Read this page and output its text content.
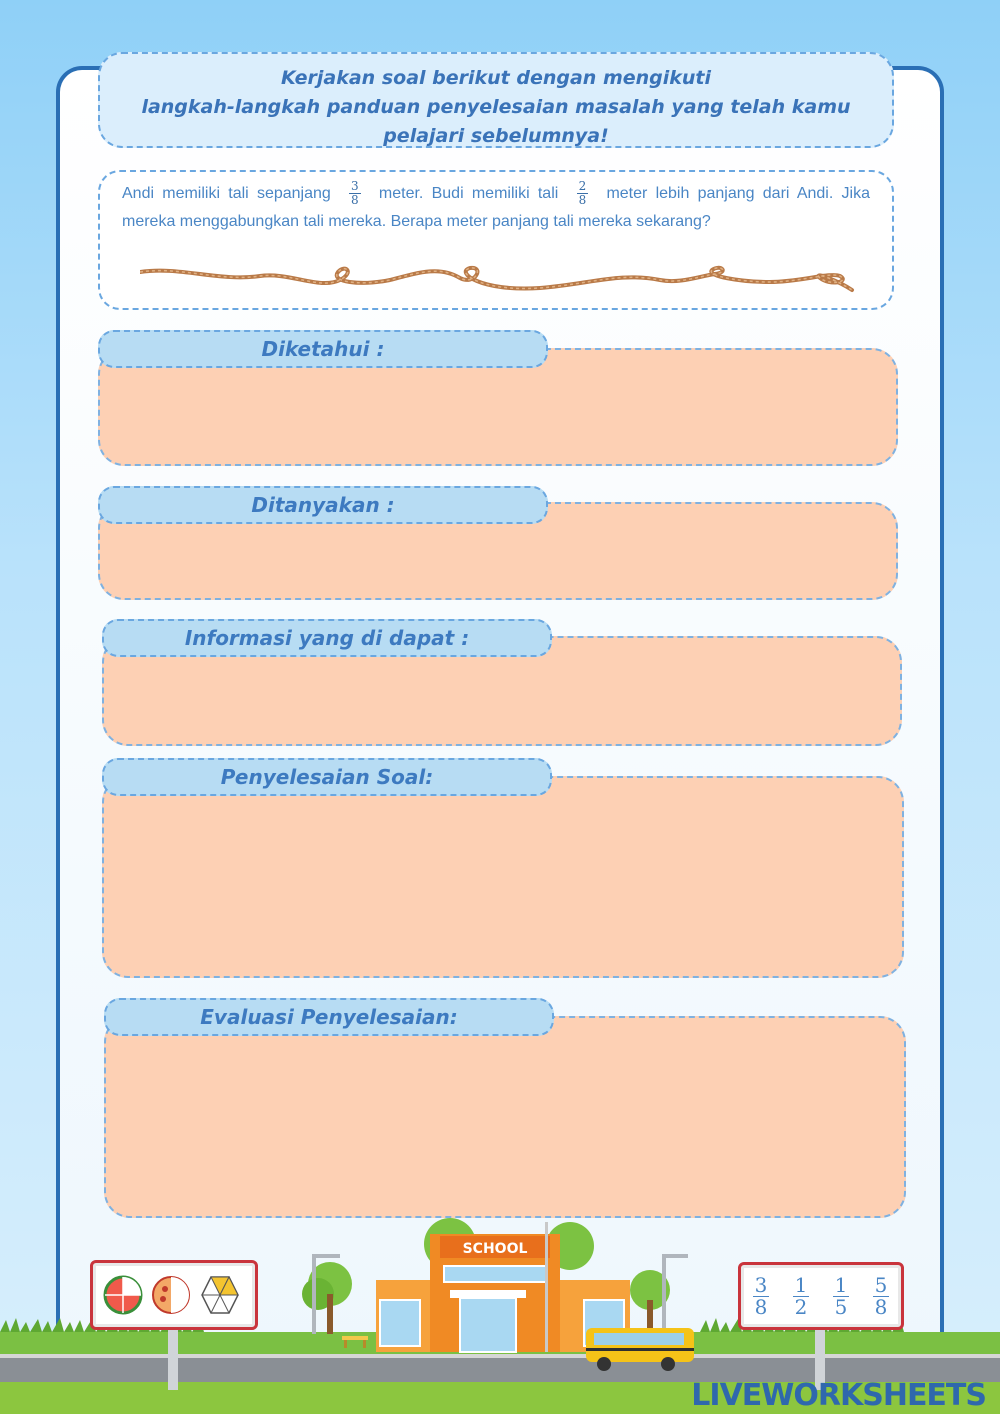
Kerjakan soal berikut dengan mengikuti
langkah-langkah panduan penyelesaian masalah yang telah kamu
pelajari sebelumnya!
Andi memiliki tali sepanjang $\frac{3}{8}$ meter. Budi memiliki tali $\frac{2}{8}$ meter lebih panjang dari Andi. Jika mereka menggabungkan tali mereka. Berapa meter panjang tali mereka sekarang?
Diketahui :
Ditanyakan :
Informasi yang di dapat :
Penyelesaian Soal:
Evaluasi Penyelesaian:
SCHOOL
$\frac{3}{8} \frac{1}{2} \frac{1}{5} \frac{5}{8}$
LIVEWORKSHEETS
